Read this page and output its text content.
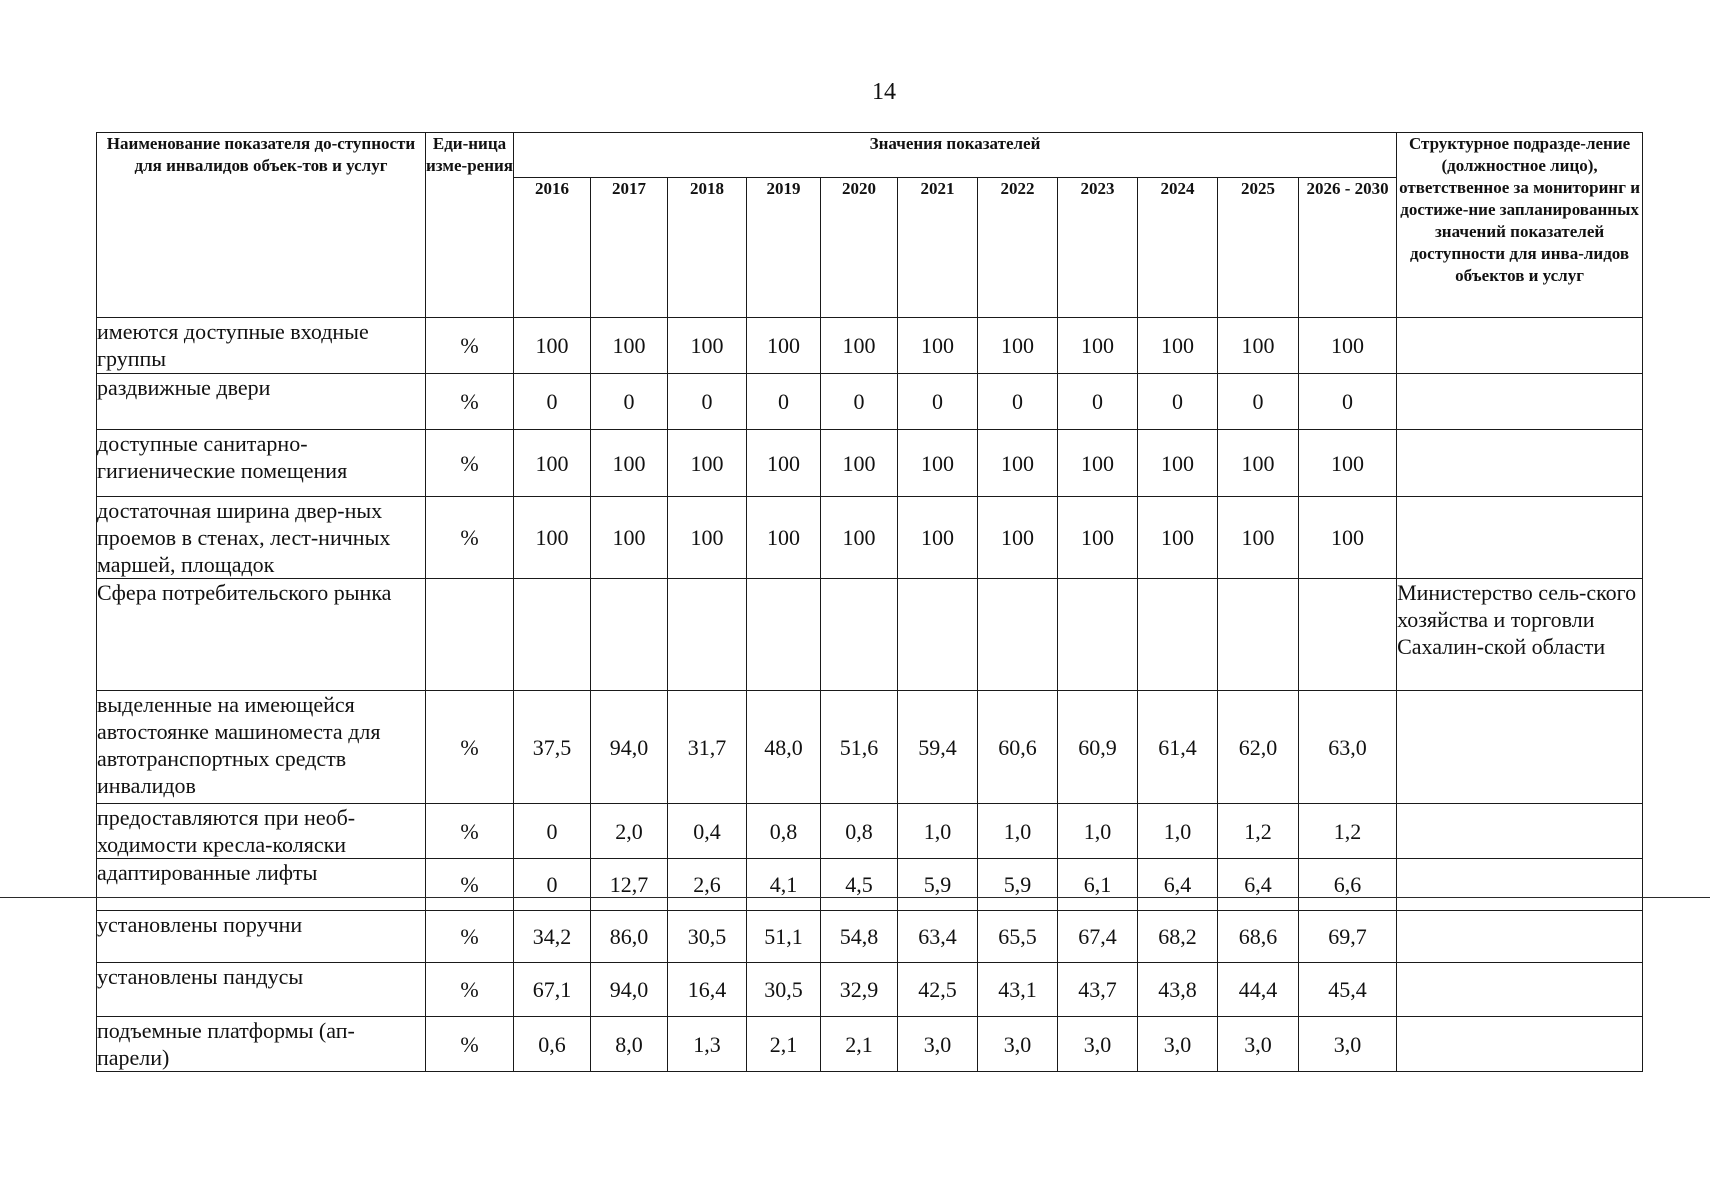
14
Наименование показателя до-ступности для инвалидов объек-тов и услуг	Еди-ница изме-рения	Значения показателей											Структурное подразде-ление (должностное лицо), ответственное за мониторинг и достиже-ние запланированных значений показателей доступности для инва-лидов объектов и услуг
		2016	2017	2018	2019	2020	2021	2022	2023	2024	2025	2026 - 2030	
имеются доступные входные группы	%	100	100	100	100	100	100	100	100	100	100	100	
раздвижные двери	%	0	0	0	0	0	0	0	0	0	0	0	
доступные санитарно-гигиенические помещения	%	100	100	100	100	100	100	100	100	100	100	100	
достаточная ширина двер-ных проемов в стенах, лест-ничных маршей, площадок	%	100	100	100	100	100	100	100	100	100	100	100	
Сфера потребительского рынка													Министерство сель-ского хозяйства и торговли Сахалин-ской области
выделенные на имеющейся автостоянке машиноместа для автотранспортных средств инвалидов	%	37,5	94,0	31,7	48,0	51,6	59,4	60,6	60,9	61,4	62,0	63,0	
предоставляются при необ-ходимости кресла-коляски	%	0	2,0	0,4	0,8	0,8	1,0	1,0	1,0	1,0	1,2	1,2	
адаптированные лифты	%	0	12,7	2,6	4,1	4,5	5,9	5,9	6,1	6,4	6,4	6,6	
установлены поручни	%	34,2	86,0	30,5	51,1	54,8	63,4	65,5	67,4	68,2	68,6	69,7	
установлены пандусы	%	67,1	94,0	16,4	30,5	32,9	42,5	43,1	43,7	43,8	44,4	45,4	
подъемные платформы (ап-парели)	%	0,6	8,0	1,3	2,1	2,1	3,0	3,0	3,0	3,0	3,0	3,0	
